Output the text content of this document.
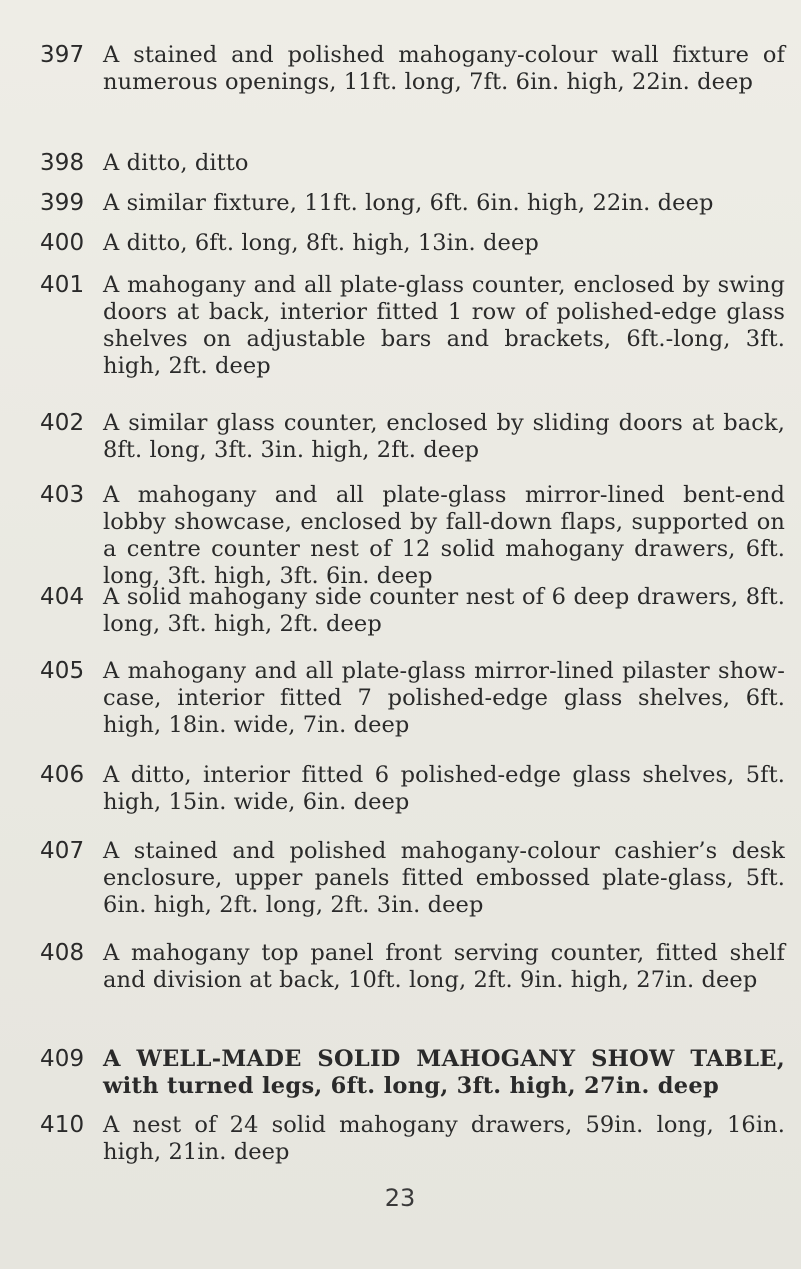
397 A stained and polished mahogany-colour wall fixture of numerous openings, 11ft. long, 7ft. 6in. high, 22in. deep
398 A ditto, ditto
399 A similar fixture, 11ft. long, 6ft. 6in. high, 22in. deep
400 A ditto, 6ft. long, 8ft. high, 13in. deep
401 A mahogany and all plate-glass counter, enclosed by swing doors at back, interior fitted 1 row of polished-edge glass shelves on adjustable bars and brackets, 6ft.-long, 3ft. high, 2ft. deep
402 A similar glass counter, enclosed by sliding doors at back, 8ft. long, 3ft. 3in. high, 2ft. deep
403 A mahogany and all plate-glass mirror-lined bent-end lobby showcase, enclosed by fall-down flaps, supported on a centre counter nest of 12 solid mahogany drawers, 6ft. long, 3ft. high, 3ft. 6in. deep
404 A solid mahogany side counter nest of 6 deep drawers, 8ft. long, 3ft. high, 2ft. deep
405 A mahogany and all plate-glass mirror-lined pilaster show-case, interior fitted 7 polished-edge glass shelves, 6ft. high, 18in. wide, 7in. deep
406 A ditto, interior fitted 6 polished-edge glass shelves, 5ft. high, 15in. wide, 6in. deep
407 A stained and polished mahogany-colour cashier’s desk enclosure, upper panels fitted embossed plate-glass, 5ft. 6in. high, 2ft. long, 2ft. 3in. deep
408 A mahogany top panel front serving counter, fitted shelf and division at back, 10ft. long, 2ft. 9in. high, 27in. deep
409 A WELL-MADE SOLID MAHOGANY SHOW TABLE, with turned legs, 6ft. long, 3ft. high, 27in. deep
410 A nest of 24 solid mahogany drawers, 59in. long, 16in. high, 21in. deep
23
